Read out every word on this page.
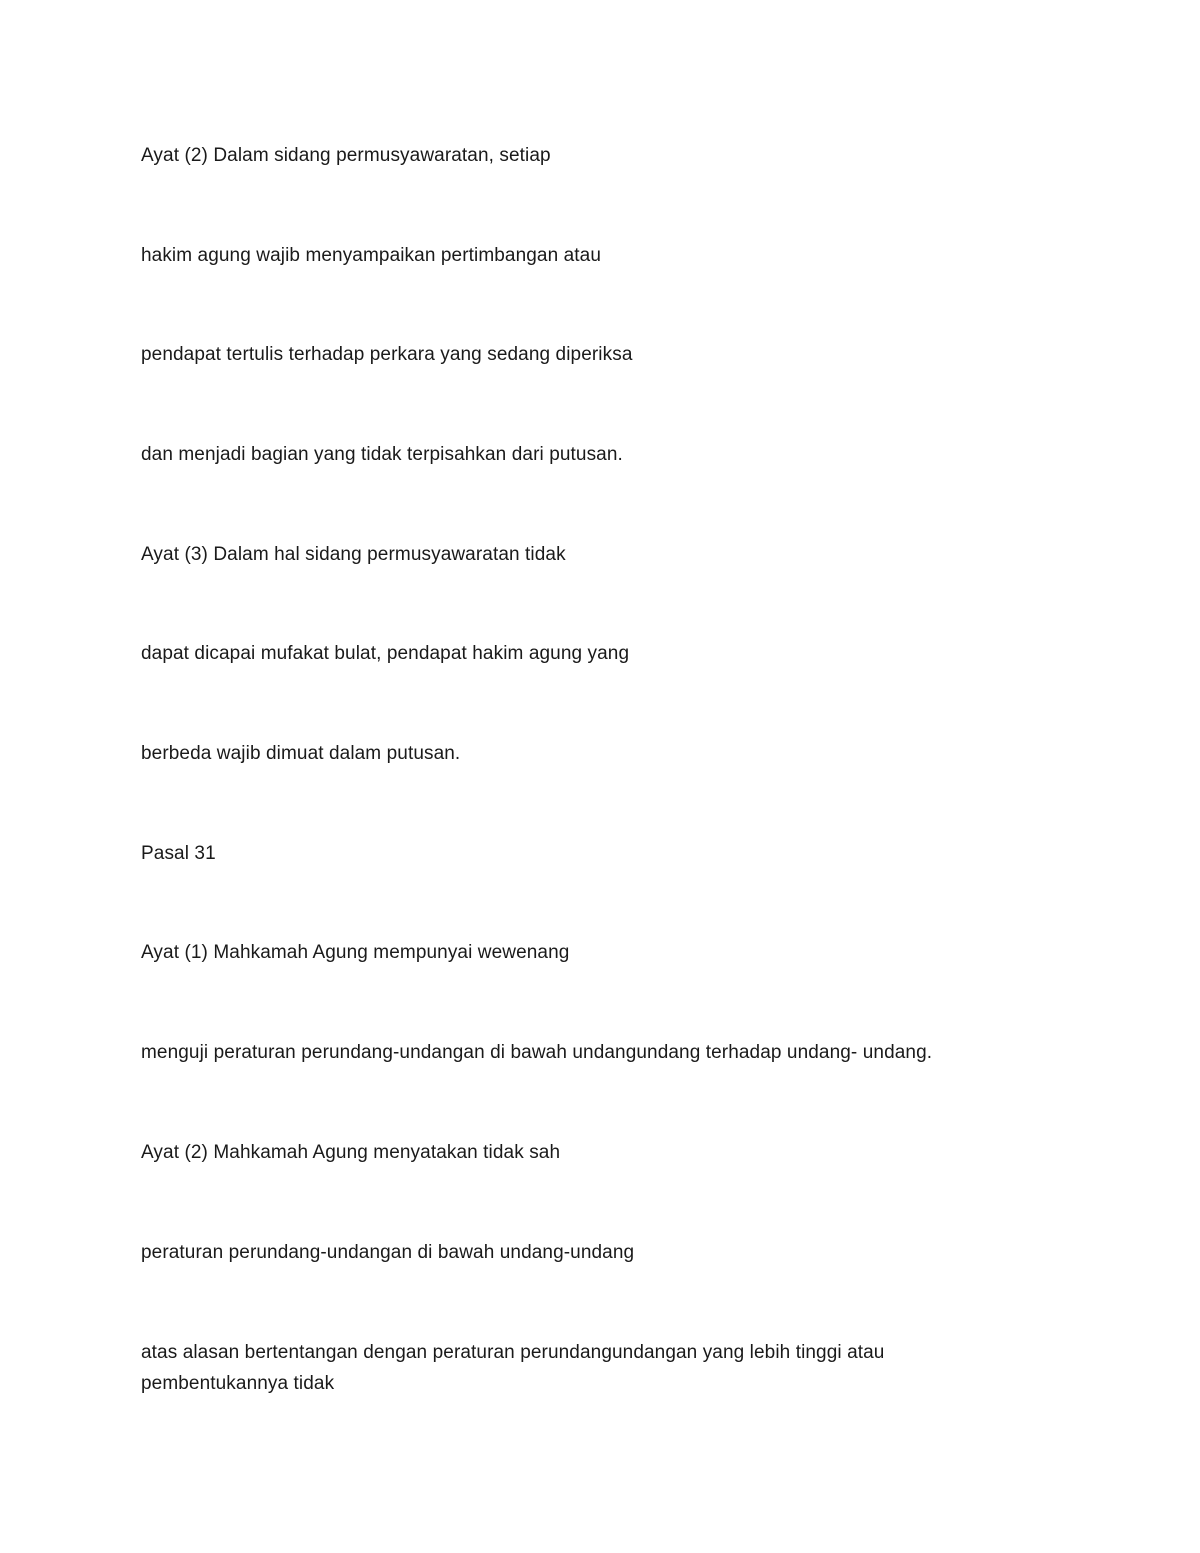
Ayat (2) Dalam sidang permusyawaratan, setiap

hakim agung wajib menyampaikan pertimbangan atau

pendapat tertulis terhadap perkara yang sedang diperiksa

dan menjadi bagian yang tidak terpisahkan dari putusan.

Ayat (3) Dalam hal sidang permusyawaratan tidak

dapat dicapai mufakat bulat, pendapat hakim agung yang

berbeda wajib dimuat dalam putusan.

Pasal 31

Ayat (1) Mahkamah Agung mempunyai wewenang

menguji peraturan perundang-undangan di bawah undangundang terhadap undang- undang.

Ayat (2) Mahkamah Agung menyatakan tidak sah

peraturan perundang-undangan di bawah undang-undang

atas alasan bertentangan dengan peraturan perundangundangan yang lebih tinggi atau pembentukannya tidak
